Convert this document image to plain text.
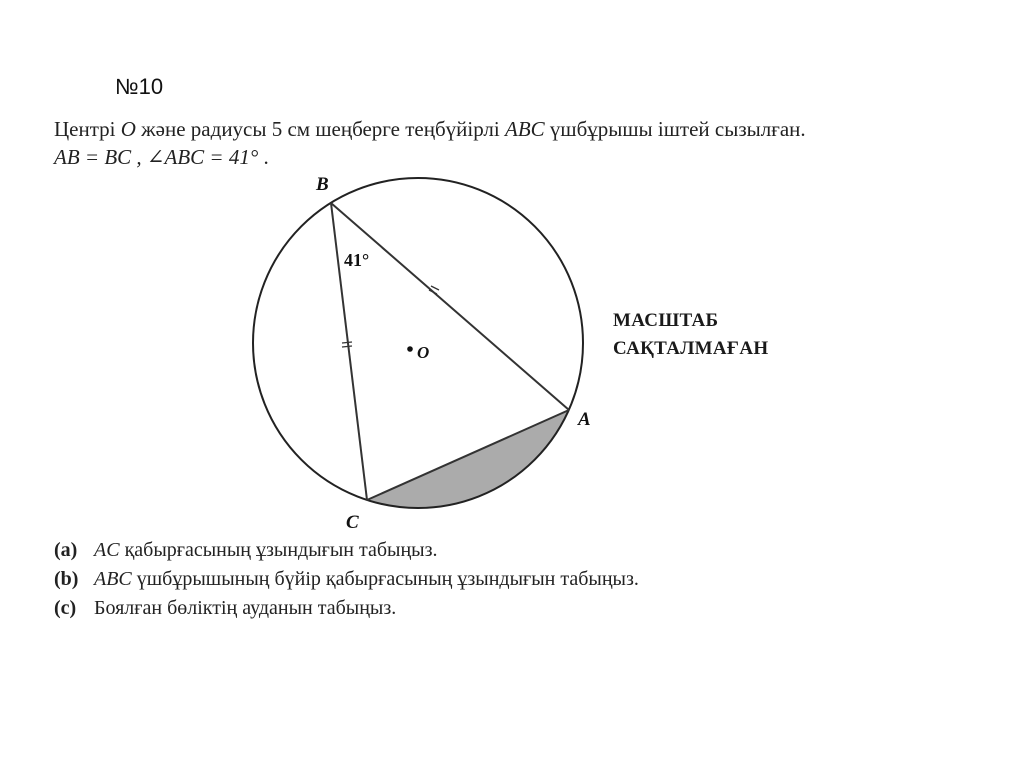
№10
Центрі O және радиусы 5 см шеңберге теңбүйірлі ABC үшбұрышы іштей сызылған.
AB = BC , ∠ABC = 41° .
O
B
A
C
41°
МАСШТАБ
САҚТАЛМАҒАН
(a) AC қабырғасының ұзындығын табыңыз.
(b) ABC үшбұрышының бүйір қабырғасының ұзындығын табыңыз.
(c) Боялған бөліктің ауданын табыңыз.
